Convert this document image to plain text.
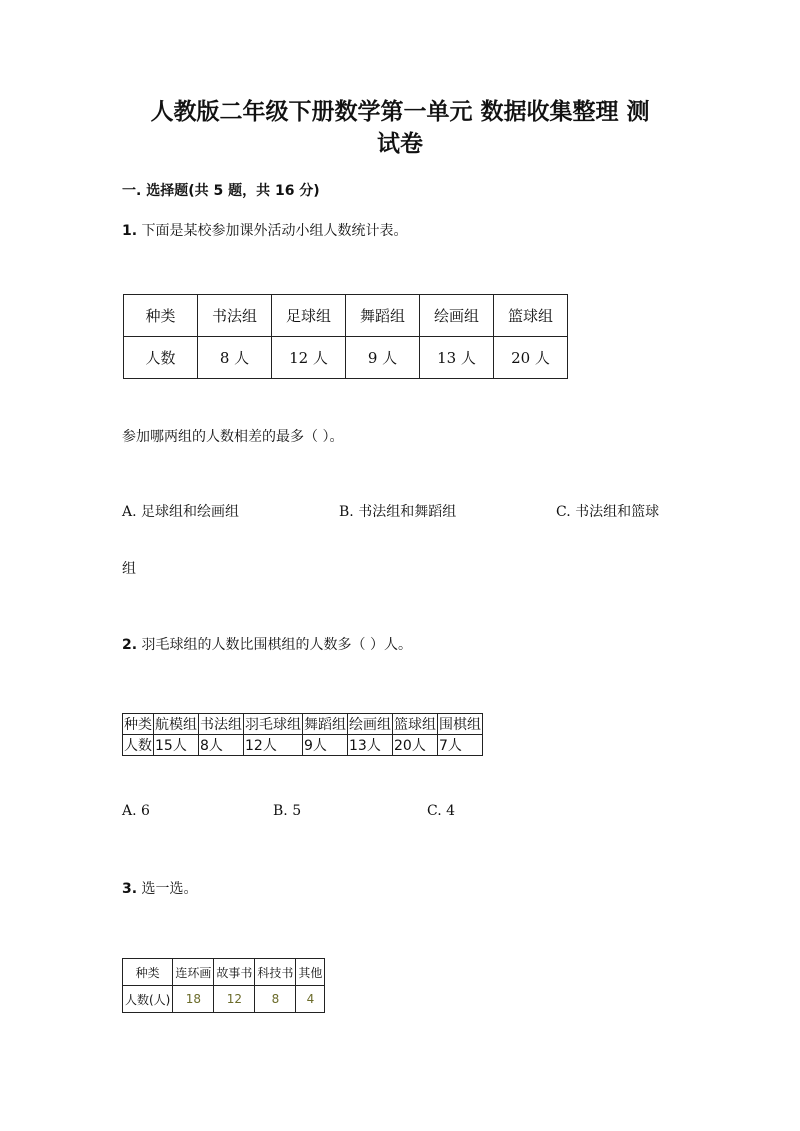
人教版二年级下册数学第一单元 数据收集整理 测
试卷
一. 选择题(共 5 题，共 16 分)
1. 下面是某校参加课外活动小组人数统计表。
种类	书法组	足球组	舞蹈组	绘画组	篮球组
人数	8 人	12 人	9 人	13 人	20 人
参加哪两组的人数相差的最多（ ）。
A. 足球组和绘画组	B. 书法组和舞蹈组	C. 书法组和篮球
组
2. 羽毛球组的人数比围棋组的人数多（ ）人。
种类	航模组	书法组	羽毛球组	舞蹈组	绘画组	篮球组	围棋组
人数	15人	8人	12人	9人	13人	20人	7人
A. 6	B. 5	C. 4
3. 选一选。
种类	连环画	故事书	科技书	其他
人数(人)	18	12	8	4
